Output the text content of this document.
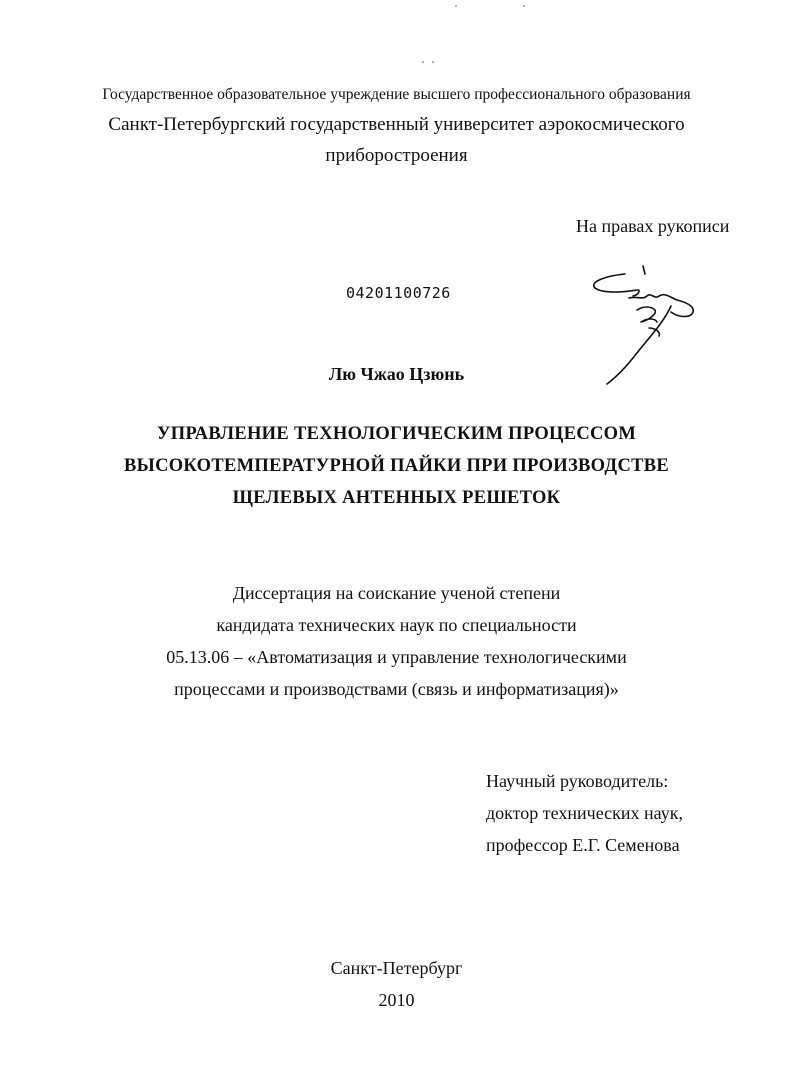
Государственное образовательное учреждение высшего профессионального образования
Санкт-Петербургский государственный университет аэрокосмического
приборостроения
На правах рукописи
04201100726
Лю Чжао Цзюнь
УПРАВЛЕНИЕ ТЕХНОЛОГИЧЕСКИМ ПРОЦЕССОМ
ВЫСОКОТЕМПЕРАТУРНОЙ ПАЙКИ ПРИ ПРОИЗВОДСТВЕ
ЩЕЛЕВЫХ АНТЕННЫХ РЕШЕТОК
Диссертация на соискание ученой степени
кандидата технических наук по специальности
05.13.06 – «Автоматизация и управление технологическими
процессами и производствами (связь и информатизация)»
Научный руководитель:
доктор технических наук,
профессор Е.Г. Семенова
Санкт-Петербург
2010
